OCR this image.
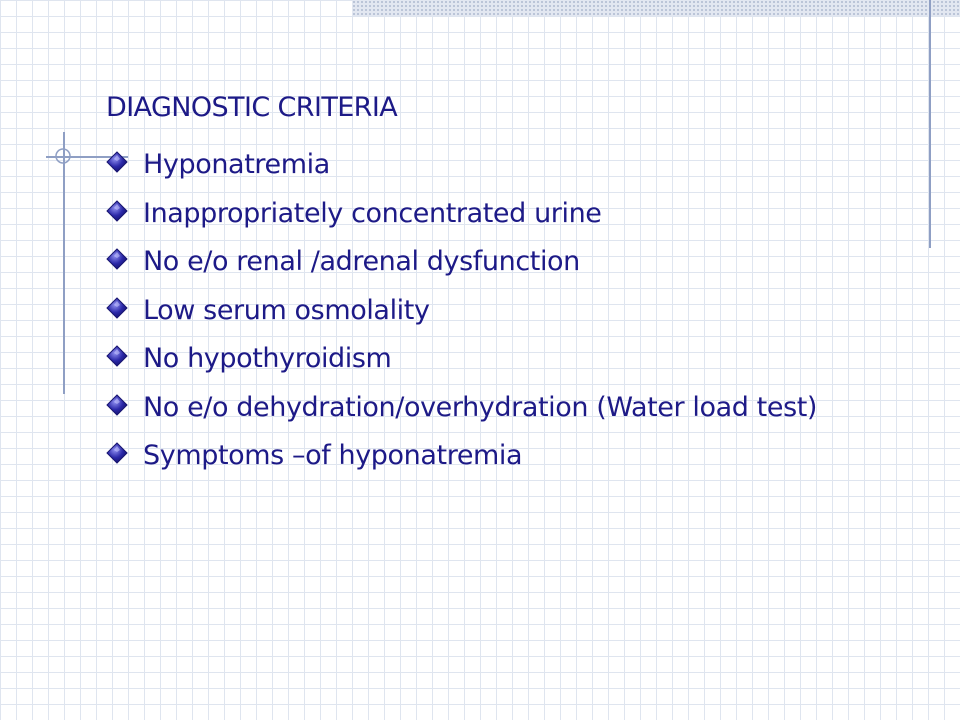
DIAGNOSTIC CRITERIA
Hyponatremia
Inappropriately concentrated urine
No e/o renal /adrenal dysfunction
Low serum osmolality
No hypothyroidism
No e/o dehydration/overhydration (Water load test)
Symptoms –of hyponatremia
